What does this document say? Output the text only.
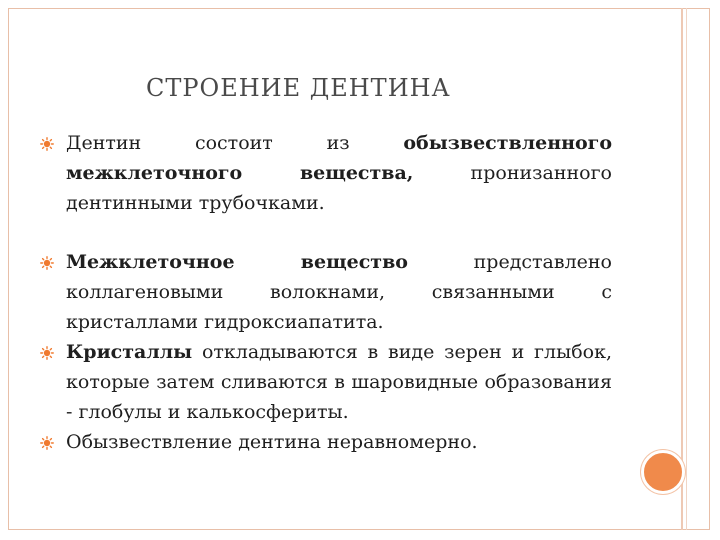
СТРОЕНИЕ ДЕНТИНА
Дентин состоит из обызвествленного межклеточного вещества, пронизанного дентинными трубочками.
Межклеточное вещество представлено коллагеновыми волокнами, связанными с кристаллами гидроксиапатита.
Кристаллы откладываются в виде зерен и глыбок, которые затем сливаются в шаровидные образования - глобулы и калькосфериты.
Обызвествление дентина неравномерно.
